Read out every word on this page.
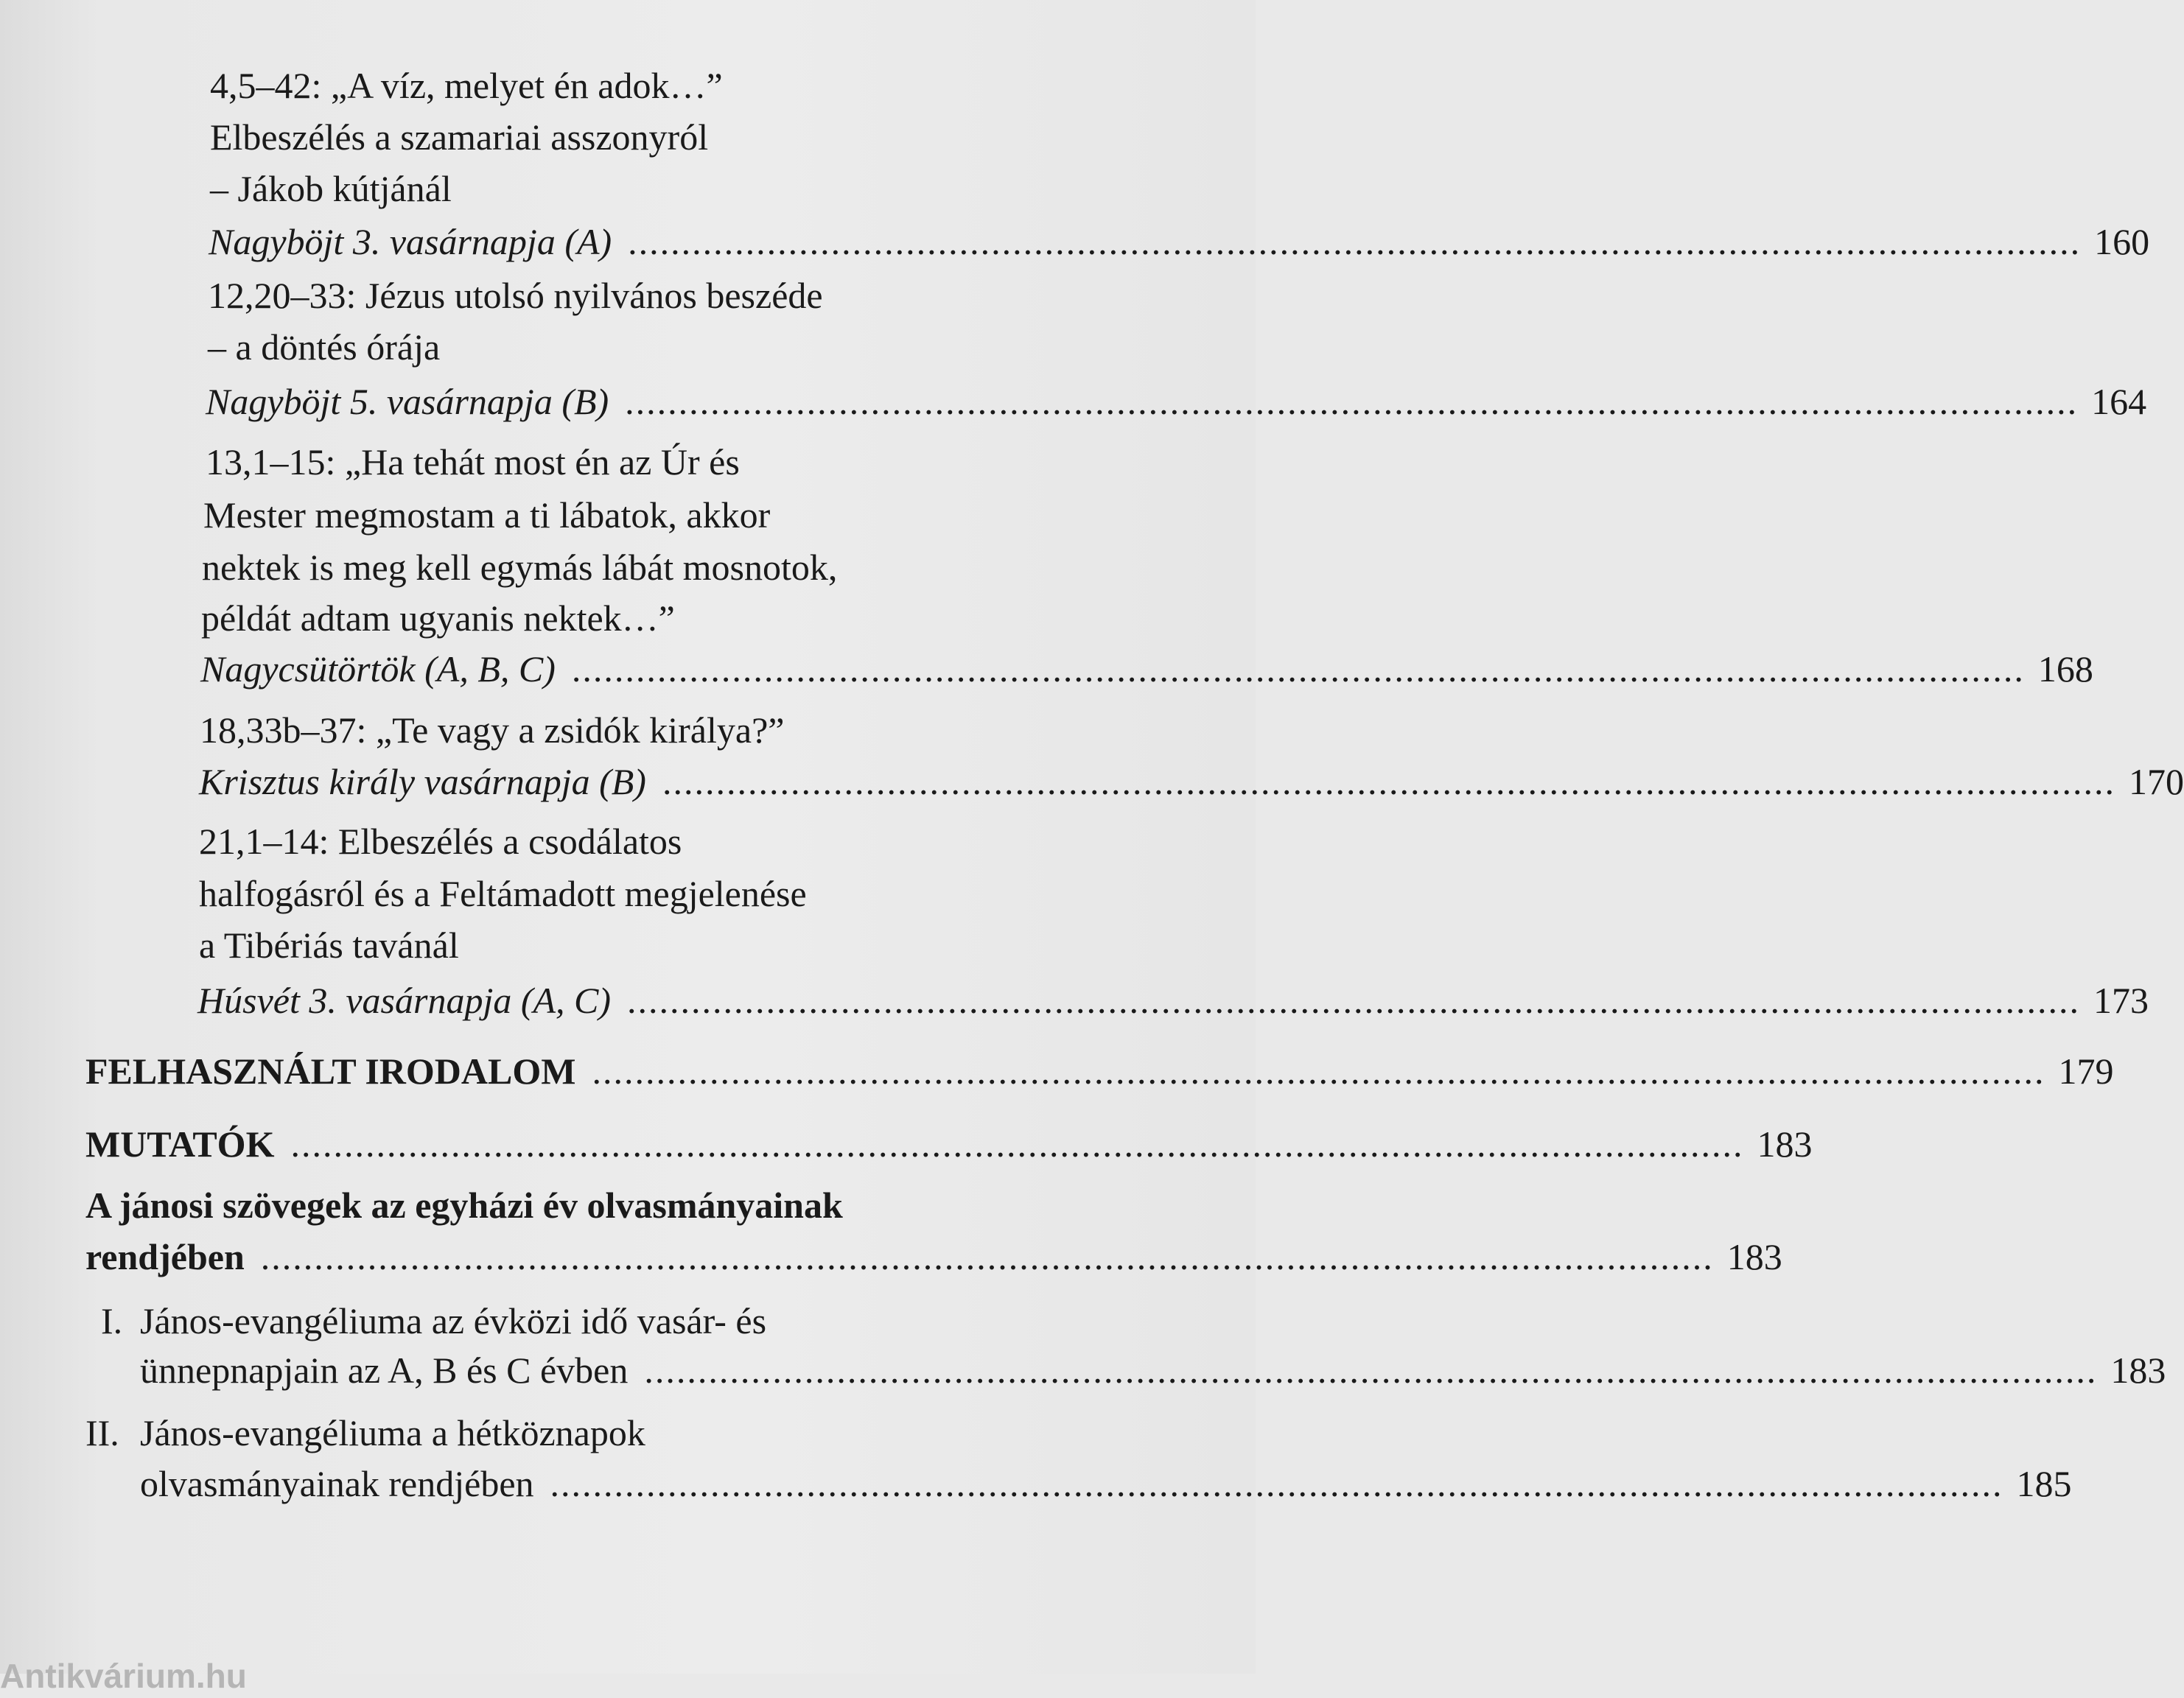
4,5–42: „A víz, melyet én adok…”
Elbeszélés a szamariai asszonyról
– Jákob kútjánál
Nagyböjt 3. vasárnapja (A) ........................................................................................................................................ 160
12,20–33: Jézus utolsó nyilvános beszéde
– a döntés órája
Nagyböjt 5. vasárnapja (B) ........................................................................................................................................ 164
13,1–15: „Ha tehát most én az Úr és
Mester megmostam a ti lábatok, akkor
nektek is meg kell egymás lábát mosnotok,
példát adtam ugyanis nektek…”
Nagycsütörtök (A, B, C) ........................................................................................................................................ 168
18,33b–37: „Te vagy a zsidók királya?”
Krisztus király vasárnapja (B) ........................................................................................................................................ 170
21,1–14: Elbeszélés a csodálatos
halfogásról és a Feltámadott megjelenése
a Tibériás tavánál
Húsvét 3. vasárnapja (A, C) ........................................................................................................................................ 173
FELHASZNÁLT IRODALOM ........................................................................................................................................ 179
MUTATÓK ........................................................................................................................................ 183
A jánosi szövegek az egyházi év olvasmányainak
rendjében ........................................................................................................................................ 183
I. János-evangéliuma az évközi idő vasár- és
ünnepnapjain az A, B és C évben ........................................................................................................................................ 183
II. János-evangéliuma a hétköznapok
olvasmányainak rendjében ........................................................................................................................................ 185
Antikvárium.hu
